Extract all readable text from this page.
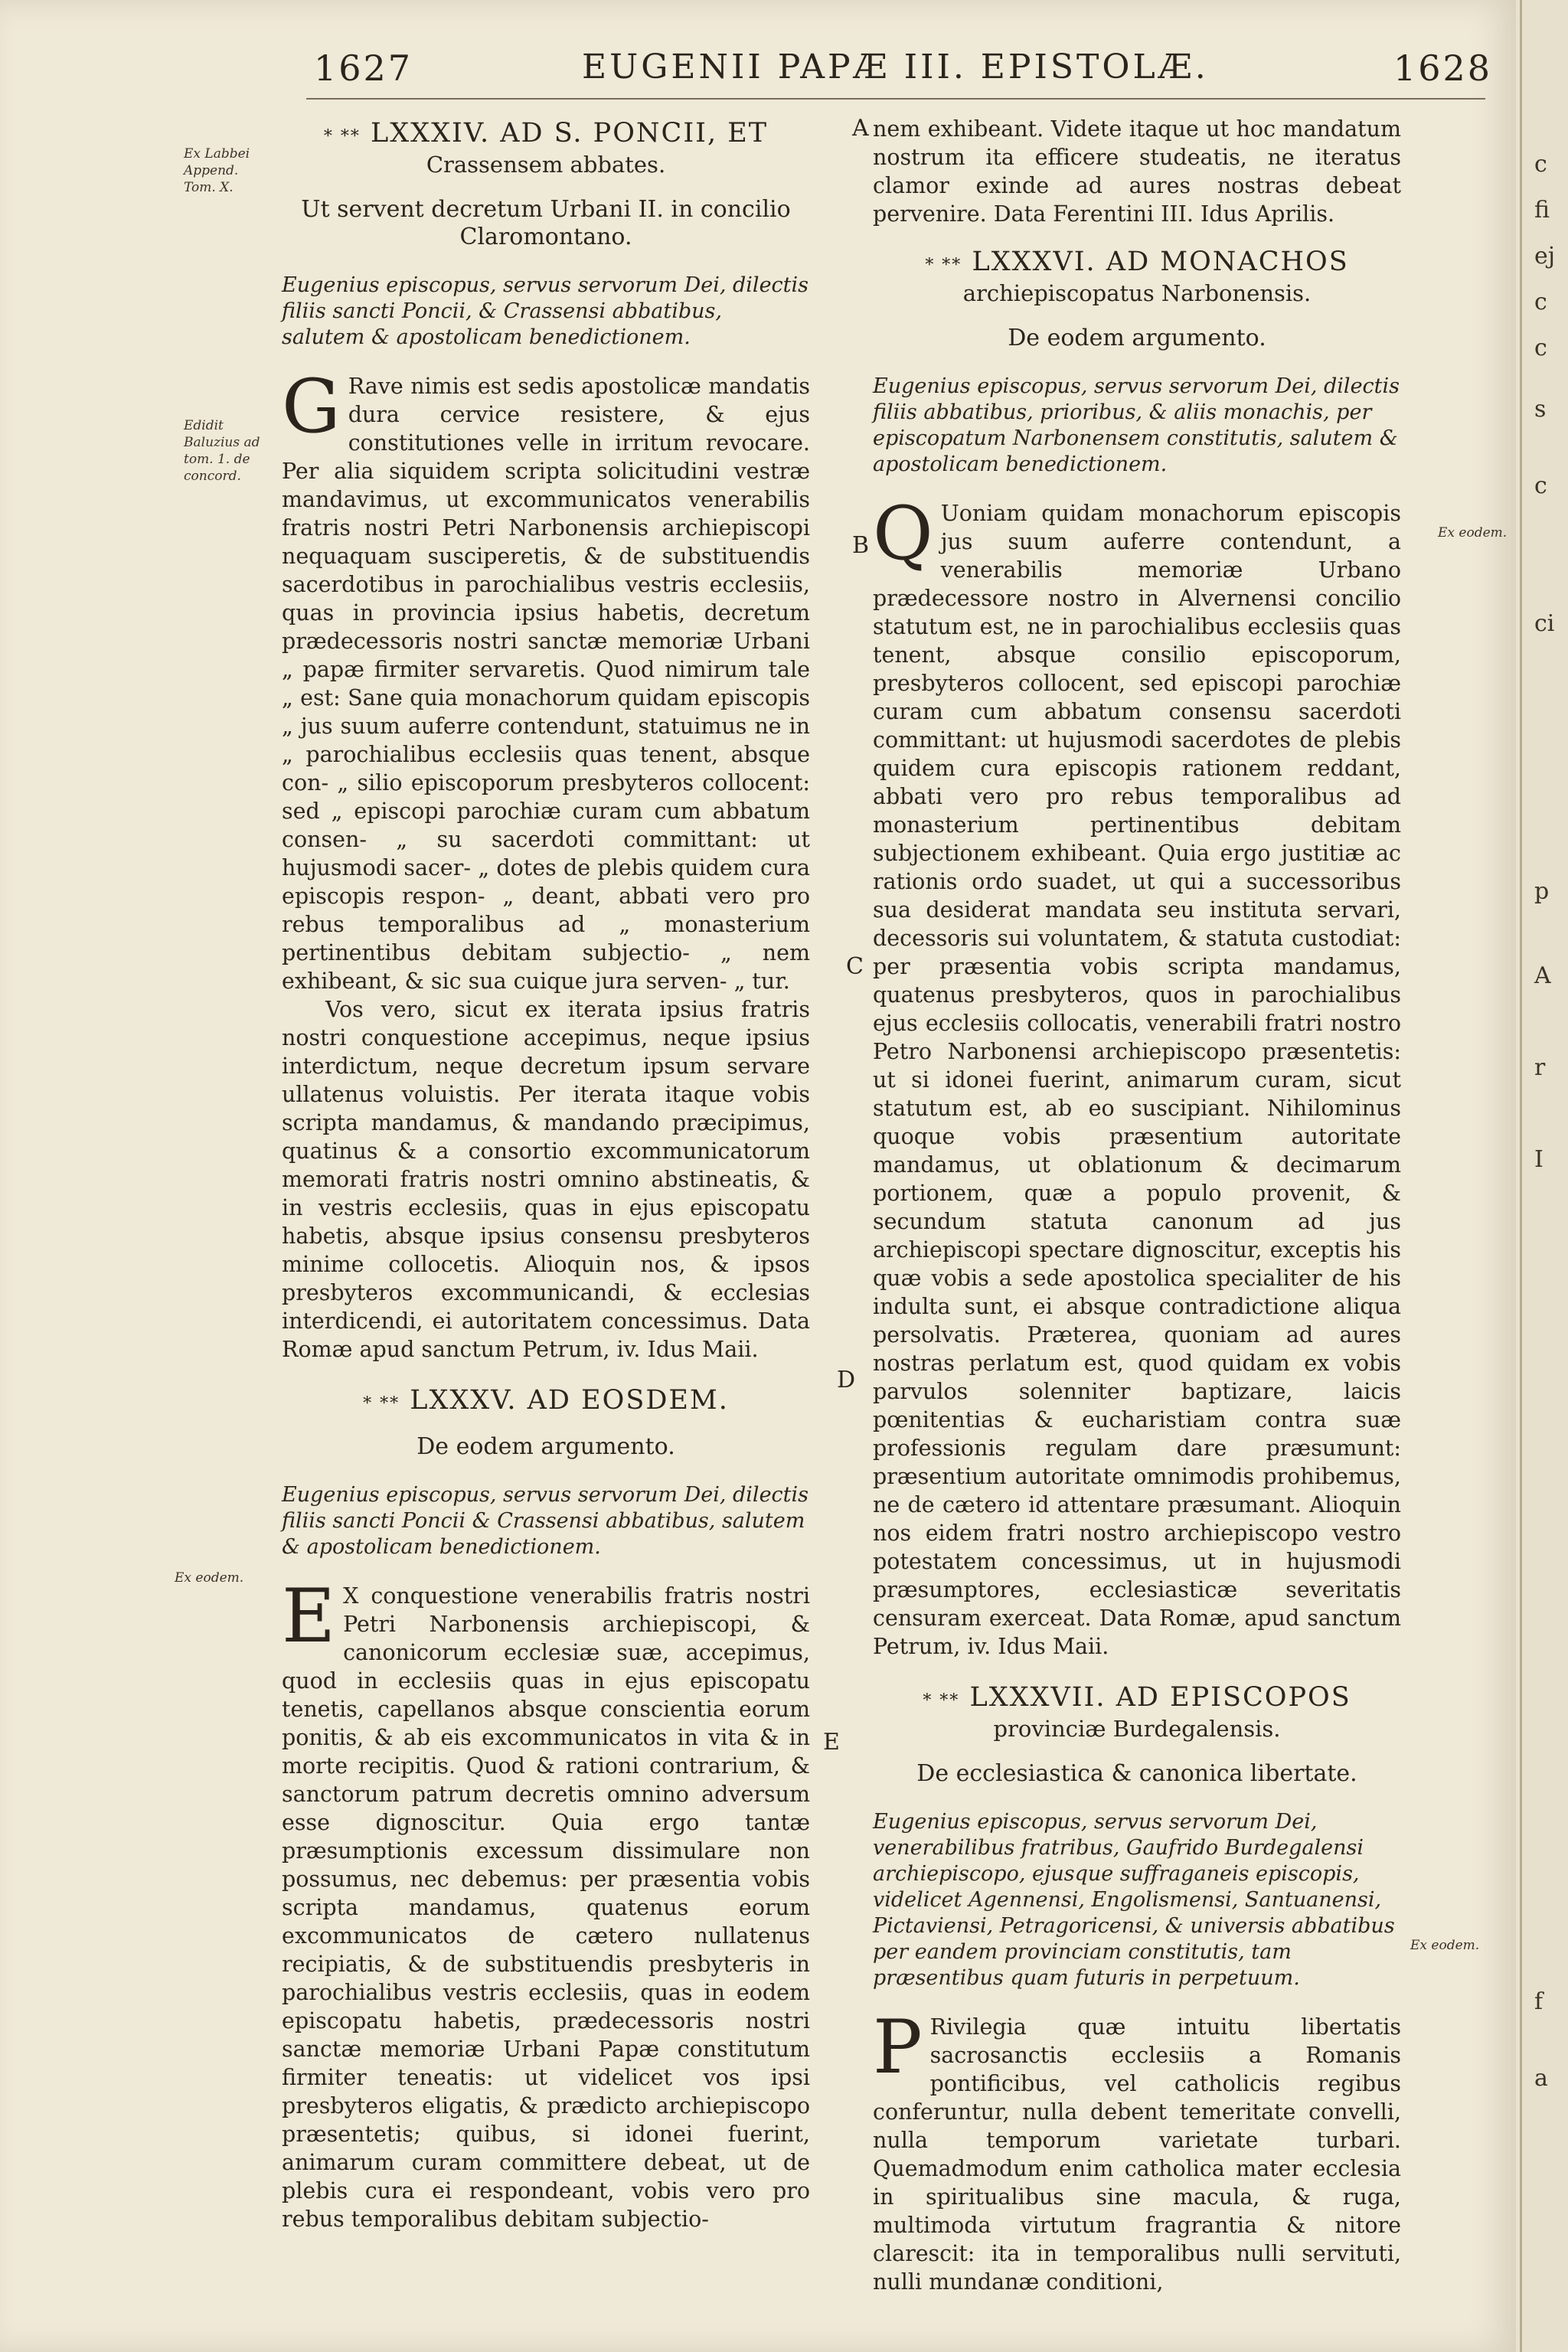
1627	EUGENII PAPÆ III. EPISTOLÆ.	1628
Ex Labbei Append. Tom. X.
Edidit Baluzius ad tom. 1. de concord.
Ex eodem.
Ex eodem.
Ex eodem.
A
B
C
D
E
* ** LXXXIV. AD S. PONCII, ET
Crassensem abbates.
Ut servent decretum Urbani II. in concilio Claromontano.
Eugenius episcopus, servus servorum Dei, dilectis filiis sancti Poncii, & Crassensi abbatibus, salutem & apostolicam benedictionem.
G Rave nimis est sedis apostolicæ mandatis dura cervice resistere, & ejus constitutiones velle in irritum revocare. Per alia siquidem scripta solicitudini vestræ mandavimus, ut excommunicatos venerabilis fratris nostri Petri Narbonensis archiepiscopi nequaquam susciperetis, & de substituendis sacerdotibus in parochialibus vestris ecclesiis, quas in provincia ipsius habetis, decretum prædecessoris nostri sanctæ memoriæ Urbani „ papæ firmiter servaretis. Quod nimirum tale „ est: Sane quia monachorum quidam episcopis „ jus suum auferre contendunt, statuimus ne in „ parochialibus ecclesiis quas tenent, absque con- „ silio episcoporum presbyteros collocent: sed „ episcopi parochiæ curam cum abbatum consen- „ su sacerdoti committant: ut hujusmodi sacer- „ dotes de plebis quidem cura episcopis respon- „ deant, abbati vero pro rebus temporalibus ad „ monasterium pertinentibus debitam subjectio- „ nem exhibeant, & sic sua cuique jura serven- „ tur.

Vos vero, sicut ex iterata ipsius fratris nostri conquestione accepimus, neque ipsius interdictum, neque decretum ipsum servare ullatenus voluistis. Per iterata itaque vobis scripta mandamus, & mandando præcipimus, quatinus & a consortio excommunicatorum memorati fratris nostri omnino abstineatis, & in vestris ecclesiis, quas in ejus episcopatu habetis, absque ipsius consensu presbyteros minime collocetis. Alioquin nos, & ipsos presbyteros excommunicandi, & ecclesias interdicendi, ei autoritatem concessimus. Data Romæ apud sanctum Petrum, iv. Idus Maii.

* ** LXXXV. AD EOSDEM.
De eodem argumento.
Eugenius episcopus, servus servorum Dei, dilectis filiis sancti Poncii & Crassensi abbatibus, salutem & apostolicam benedictionem.
E X conquestione venerabilis fratris nostri Petri Narbonensis archiepiscopi, & canonicorum ecclesiæ suæ, accepimus, quod in ecclesiis quas in ejus episcopatu tenetis, capellanos absque conscientia eorum ponitis, & ab eis excommunicatos in vita & in morte recipitis. Quod & rationi contrarium, & sanctorum patrum decretis omnino adversum esse dignoscitur. Quia ergo tantæ præsumptionis excessum dissimulare non possumus, nec debemus: per præsentia vobis scripta mandamus, quatenus eorum excommunicatos de cætero nullatenus recipiatis, & de substituendis presbyteris in parochialibus vestris ecclesiis, quas in eodem episcopatu habetis, prædecessoris nostri sanctæ memoriæ Urbani Papæ constitutum firmiter teneatis: ut videlicet vos ipsi presbyteros eligatis, & prædicto archiepiscopo præsentetis; quibus, si idonei fuerint, animarum curam committere debeat, ut de plebis cura ei respondeant, vobis vero pro rebus temporalibus debitam subjectio-

nem exhibeant. Videte itaque ut hoc mandatum nostrum ita efficere studeatis, ne iteratus clamor exinde ad aures nostras debeat pervenire. Data Ferentini III. Idus Aprilis.
* ** LXXXVI. AD MONACHOS
archiepiscopatus Narbonensis.
De eodem argumento.
Eugenius episcopus, servus servorum Dei, dilectis filiis abbatibus, prioribus, & aliis monachis, per episcopatum Narbonensem constitutis, salutem & apostolicam benedictionem.
Q Uoniam quidam monachorum episcopis jus suum auferre contendunt, a venerabilis memoriæ Urbano prædecessore nostro in Alvernensi concilio statutum est, ne in parochialibus ecclesiis quas tenent, absque consilio episcoporum, presbyteros collocent, sed episcopi parochiæ curam cum abbatum consensu sacerdoti committant: ut hujusmodi sacerdotes de plebis quidem cura episcopis rationem reddant, abbati vero pro rebus temporalibus ad monasterium pertinentibus debitam subjectionem exhibeant. Quia ergo justitiæ ac rationis ordo suadet, ut qui a successoribus sua desiderat mandata seu instituta servari, decessoris sui voluntatem, & statuta custodiat: per præsentia vobis scripta mandamus, quatenus presbyteros, quos in parochialibus ejus ecclesiis collocatis, venerabili fratri nostro Petro Narbonensi archiepiscopo præsentetis: ut si idonei fuerint, animarum curam, sicut statutum est, ab eo suscipiant. Nihilominus quoque vobis præsentium autoritate mandamus, ut oblationum & decimarum portionem, quæ a populo provenit, & secundum statuta canonum ad jus archiepiscopi spectare dignoscitur, exceptis his quæ vobis a sede apostolica specialiter de his indulta sunt, ei absque contradictione aliqua persolvatis. Præterea, quoniam ad aures nostras perlatum est, quod quidam ex vobis parvulos solenniter baptizare, laicis pœnitentias & eucharistiam contra suæ professionis regulam dare præsumunt: præsentium autoritate omnimodis prohibemus, ne de cætero id attentare præsumant. Alioquin nos eidem fratri nostro archiepiscopo vestro potestatem concessimus, ut in hujusmodi præsumptores, ecclesiasticæ severitatis censuram exerceat. Data Romæ, apud sanctum Petrum, iv. Idus Maii.

* ** LXXXVII. AD EPISCOPOS
provinciæ Burdegalensis.
De ecclesiastica & canonica libertate.
Eugenius episcopus, servus servorum Dei, venerabilibus fratribus, Gaufrido Burdegalensi archiepiscopo, ejusque suffraganeis episcopis, videlicet Agennensi, Engolismensi, Santuanensi, Pictaviensi, Petragoricensi, & universis abbatibus per eandem provinciam constitutis, tam præsentibus quam futuris in perpetuum.
P Rivilegia quæ intuitu libertatis sacrosanctis ecclesiis a Romanis pontificibus, vel catholicis regibus conferuntur, nulla debent temeritate convelli, nulla temporum varietate turbari. Quemadmodum enim catholica mater ecclesia in spiritualibus sine macula, & ruga, multimoda virtutum fragrantia & nitore clarescit: ita in temporalibus nulli servituti, nulli mundanæ conditioni,

c
fi
ej
c
c
s
c
ci
p
A
r
I
f
a
